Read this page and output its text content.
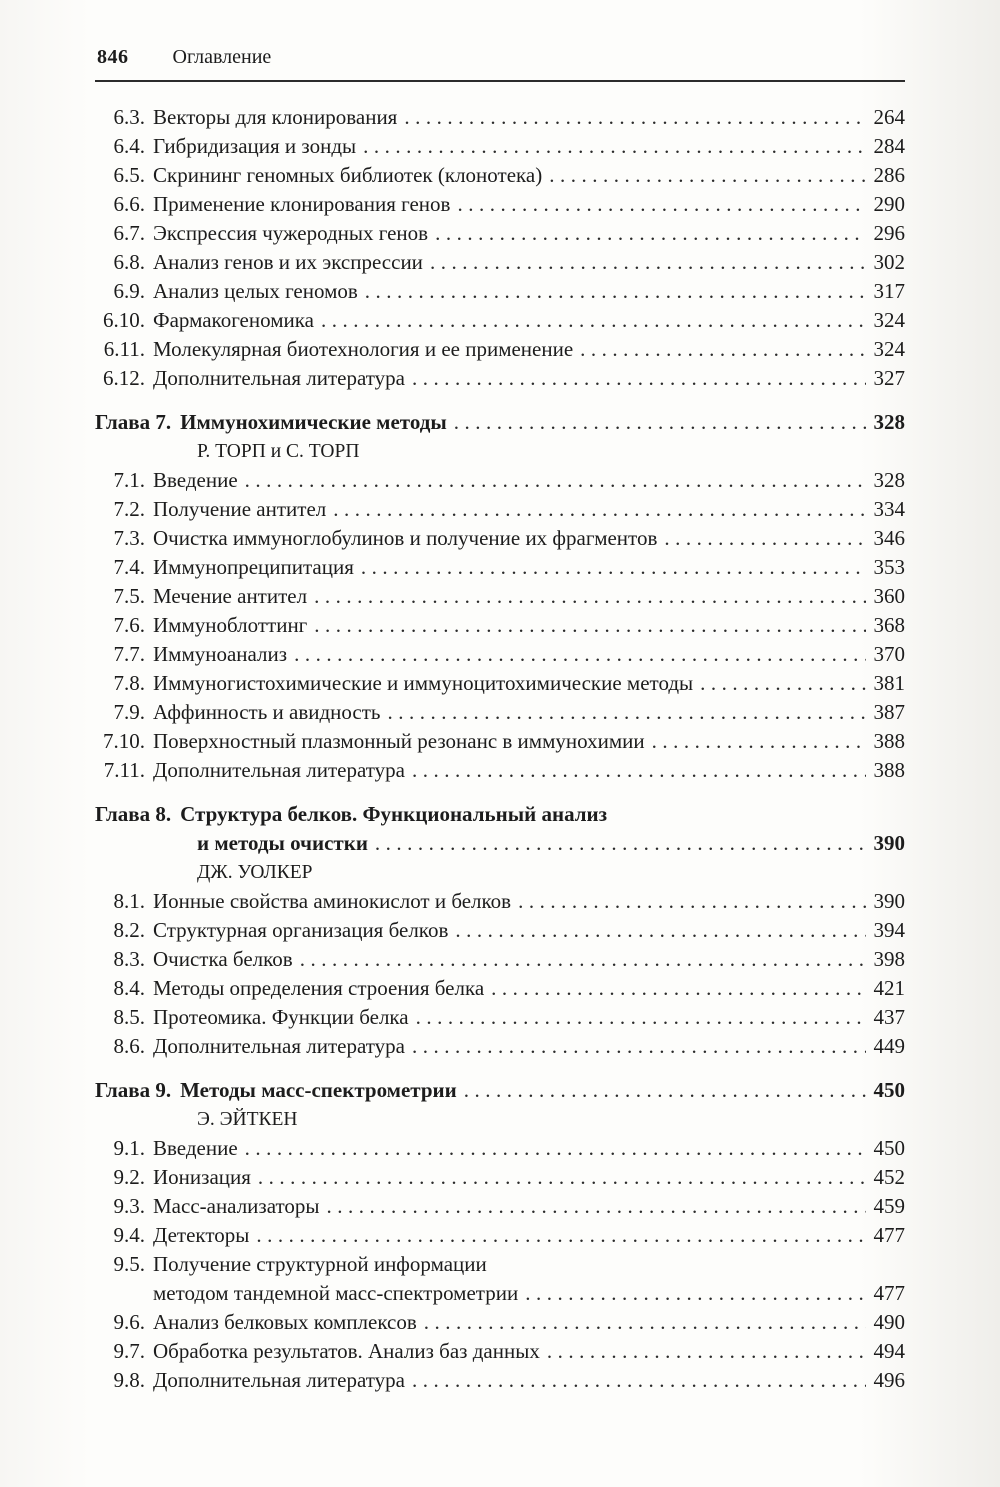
846 Оглавление
6.3. Векторы для клонирования .....	264
6.4. Гибридизация и зонды .....	284
6.5. Скрининг геномных библиотек (клонотека) .....	286
6.6. Применение клонирования генов .....	290
6.7. Экспрессия чужеродных генов .....	296
6.8. Анализ генов и их экспрессии .....	302
6.9. Анализ целых геномов .....	317
6.10. Фармакогеномика .....	324
6.11. Молекулярная биотехнология и ее применение .....	324
6.12. Дополнительная литература .....	327
Глава 7. Иммунохимические методы .....	328
Р. ТОРП и С. ТОРП
7.1. Введение .....	328
7.2. Получение антител .....	334
7.3. Очистка иммуноглобулинов и получение их фрагментов .....	346
7.4. Иммунопреципитация .....	353
7.5. Мечение антител .....	360
7.6. Иммуноблоттинг .....	368
7.7. Иммуноанализ .....	370
7.8. Иммуногистохимические и иммуноцитохимические методы .....	381
7.9. Аффинность и авидность .....	387
7.10. Поверхностный плазмонный резонанс в иммунохимии .....	388
7.11. Дополнительная литература .....	388
Глава 8. Структура белков. Функциональный анализ
и методы очистки .....	390
ДЖ. УОЛКЕР
8.1. Ионные свойства аминокислот и белков .....	390
8.2. Структурная организация белков .....	394
8.3. Очистка белков .....	398
8.4. Методы определения строения белка .....	421
8.5. Протеомика. Функции белка .....	437
8.6. Дополнительная литература .....	449
Глава 9. Методы масс-спектрометрии .....	450
Э. ЭЙТКЕН
9.1. Введение .....	450
9.2. Ионизация .....	452
9.3. Масс-анализаторы .....	459
9.4. Детекторы .....	477
9.5. Получение структурной информации
методом тандемной масс-спектрометрии .....	477
9.6. Анализ белковых комплексов .....	490
9.7. Обработка результатов. Анализ баз данных .....	494
9.8. Дополнительная литература .....	496
